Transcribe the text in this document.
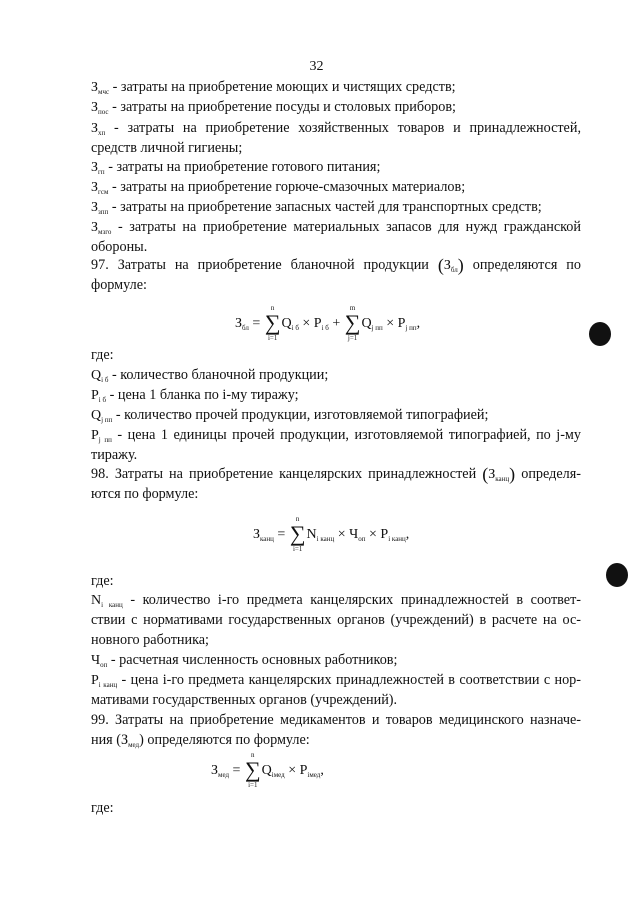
32
$З_{мчс}$ - затраты на приобретение моющих и чистящих средств;
$З_{пос}$ - затраты на приобретение посуды и столовых приборов;
$З_{хп}$ - затраты на приобретение хозяйственных товаров и принадлежностей,
средств личной гигиены;
$З_{гп}$ - затраты на приобретение готового питания;
$З_{гсм}$ - затраты на приобретение горюче-смазочных материалов;
$З_{зпп}$ - затраты на приобретение запасных частей для транспортных средств;
$З_{мзго}$ - затраты на приобретение материальных запасов для нужд гражданской
обороны.
97. Затраты на приобретение бланочной продукции $(З_{бл})$ определяются по
формуле:
$З_{бл}$ =
n
∑
i=1
$Q_{i б} \times P_{i б}$ +
m
∑
j=1
$Q_{j пп} \times P_{j пп}$,
где:
$Q_{i б}$ - количество бланочной продукции;
$P_{i б}$ - цена 1 бланка по i-му тиражу;
$Q_{j пп}$ - количество прочей продукции, изготовляемой типографией;
$P_{j пп}$ - цена 1 единицы прочей продукции, изготовляемой типографией, по j-му
тиражу.
98. Затраты на приобретение канцелярских принадлежностей $(З_{канц})$ определя-
ются по формуле:
$З_{канц}$ =
n
∑
i=1
$N_{i канц} \times Ч_{оп} \times P_{i канц}$,
где:
$N_{i канц}$ - количество i-го предмета канцелярских принадлежностей в соответ-
ствии с нормативами государственных органов (учреждений) в расчете на ос-
новного работника;
$Ч_{оп}$ - расчетная численность основных работников;
$P_{i канц}$ - цена i-го предмета канцелярских принадлежностей в соответствии с нор-
мативами государственных органов (учреждений).
99. Затраты на приобретение медикаментов и товаров медицинского назначе-
ния $(З_{мед})$ определяются по формуле:
$З_{мед}$ =
n
∑
i=1
$Q_{iмед} \times P_{iмед}$,
где:
